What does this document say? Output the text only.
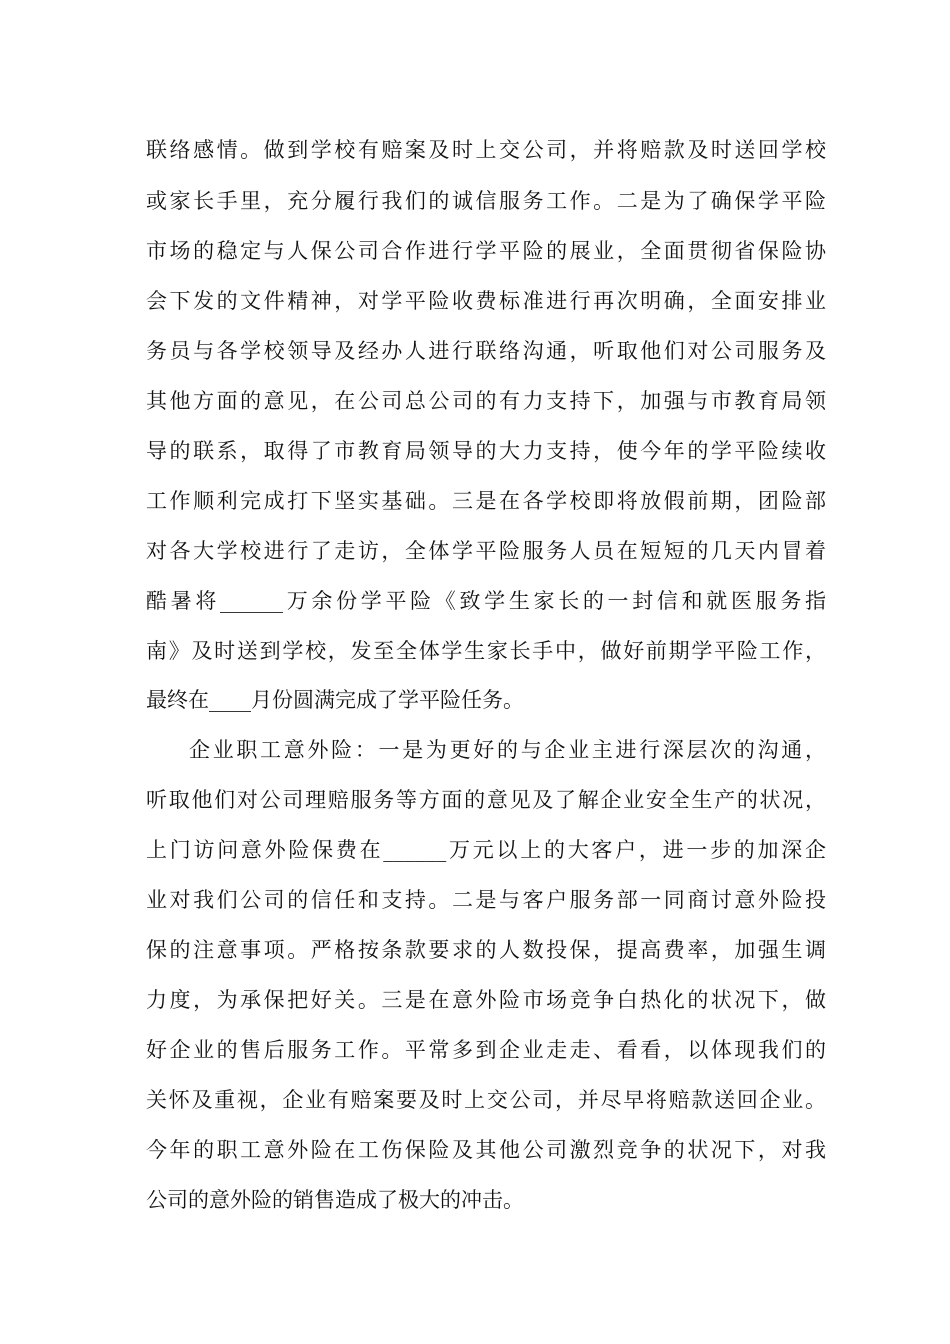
联络感情。做到学校有赔案及时上交公司，并将赔款及时送回学校
或家长手里，充分履行我们的诚信服务工作。二是为了确保学平险
市场的稳定与人保公司合作进行学平险的展业，全面贯彻省保险协
会下发的文件精神，对学平险收费标准进行再次明确，全面安排业
务员与各学校领导及经办人进行联络沟通，听取他们对公司服务及
其他方面的意见，在公司总公司的有力支持下，加强与市教育局领
导的联系，取得了市教育局领导的大力支持，使今年的学平险续收
工作顺利完成打下坚实基础。三是在各学校即将放假前期，团险部
对各大学校进行了走访，全体学平险服务人员在短短的几天内冒着
酷暑将______万余份学平险《致学生家长的一封信和就医服务指
南》及时送到学校，发至全体学生家长手中，做好前期学平险工作，
最终在____月份圆满完成了学平险任务。
企业职工意外险：一是为更好的与企业主进行深层次的沟通，
听取他们对公司理赔服务等方面的意见及了解企业安全生产的状况，
上门访问意外险保费在______万元以上的大客户，进一步的加深企
业对我们公司的信任和支持。二是与客户服务部一同商讨意外险投
保的注意事项。严格按条款要求的人数投保，提高费率，加强生调
力度，为承保把好关。三是在意外险市场竞争白热化的状况下，做
好企业的售后服务工作。平常多到企业走走、看看，以体现我们的
关怀及重视，企业有赔案要及时上交公司，并尽早将赔款送回企业。
今年的职工意外险在工伤保险及其他公司激烈竞争的状况下，对我
公司的意外险的销售造成了极大的冲击。
